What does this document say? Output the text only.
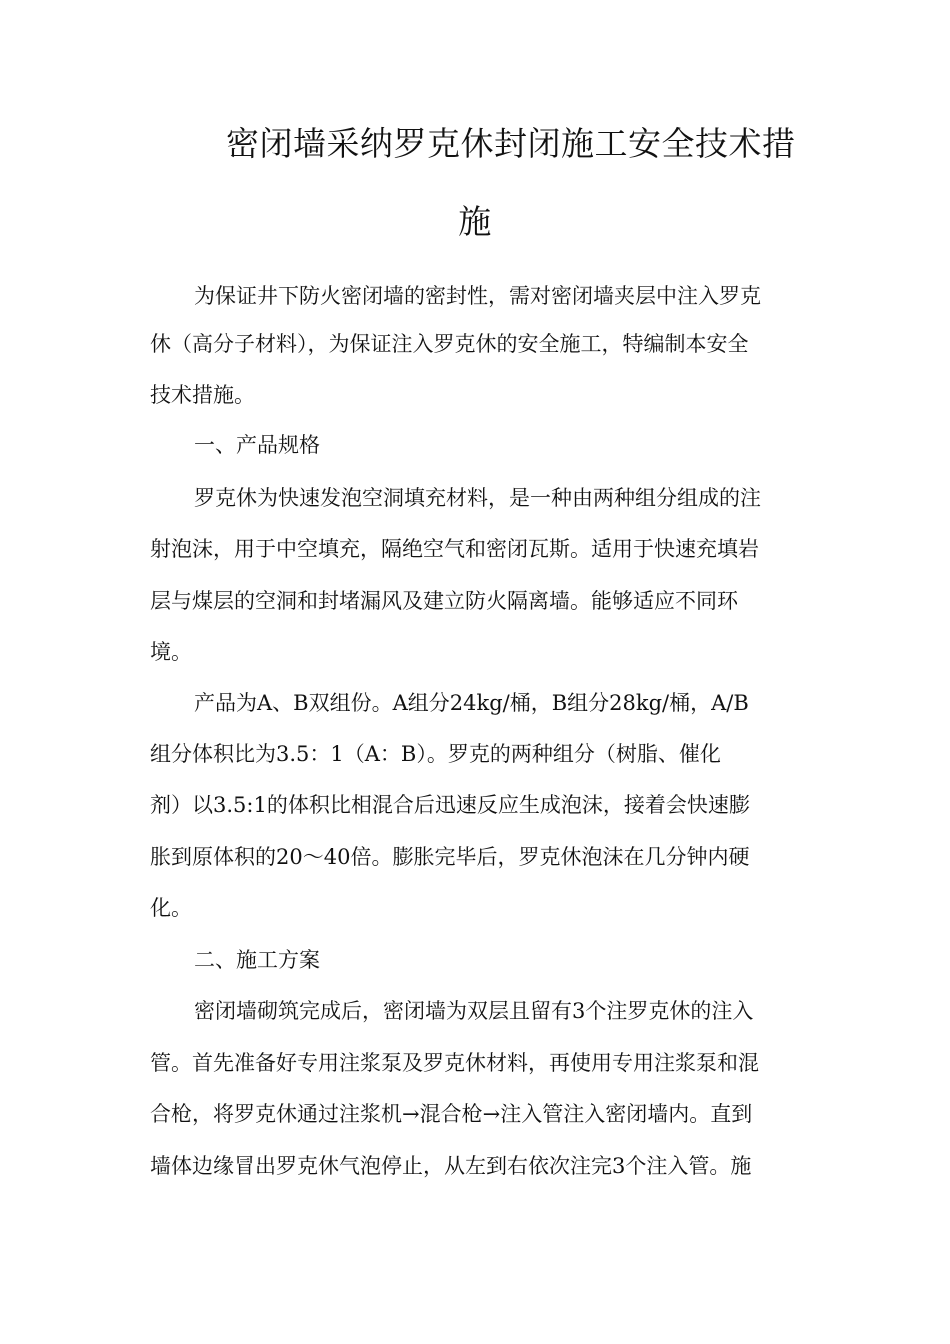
密闭墙采纳罗克休封闭施工安全技术措
施
为保证井下防火密闭墙的密封性，需对密闭墙夹层中注入罗克
休（高分子材料），为保证注入罗克休的安全施工，特编制本安全
技术措施。
一、产品规格
罗克休为快速发泡空洞填充材料，是一种由两种组分组成的注
射泡沫，用于中空填充，隔绝空气和密闭瓦斯。适用于快速充填岩
层与煤层的空洞和封堵漏风及建立防火隔离墙。能够适应不同环
境。
产品为A、B双组份。A组分24kg/桶，B组分28kg/桶，A/B
组分体积比为3.5：1（A：B）。罗克的两种组分（树脂、催化
剂）以3.5:1的体积比相混合后迅速反应生成泡沫，接着会快速膨
胀到原体积的20～40倍。膨胀完毕后，罗克休泡沫在几分钟内硬
化。
二、施工方案
密闭墙砌筑完成后，密闭墙为双层且留有3个注罗克休的注入
管。首先准备好专用注浆泵及罗克休材料，再使用专用注浆泵和混
合枪，将罗克休通过注浆机→混合枪→注入管注入密闭墙内。直到
墙体边缘冒出罗克休气泡停止，从左到右依次注完3个注入管。施
